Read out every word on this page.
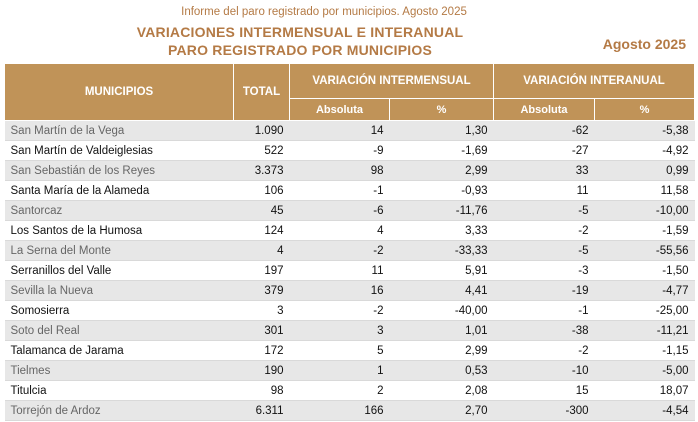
Informe del paro registrado por municipios. Agosto 2025
VARIACIONES INTERMENSUAL E INTERANUAL
PARO REGISTRADO POR MUNICIPIOS	Agosto 2025
MUNICIPIOS	TOTAL	VARIACIÓN INTERMENSUAL		VARIACIÓN INTERANUAL	
		Absoluta	%	Absoluta	%
San Martín de la Vega	1.090	14	1,30	-62	-5,38
San Martín de Valdeiglesias	522	-9	-1,69	-27	-4,92
San Sebastián de los Reyes	3.373	98	2,99	33	0,99
Santa María de la Alameda	106	-1	-0,93	11	11,58
Santorcaz	45	-6	-11,76	-5	-10,00
Los Santos de la Humosa	124	4	3,33	-2	-1,59
La Serna del Monte	4	-2	-33,33	-5	-55,56
Serranillos del Valle	197	11	5,91	-3	-1,50
Sevilla la Nueva	379	16	4,41	-19	-4,77
Somosierra	3	-2	-40,00	-1	-25,00
Soto del Real	301	3	1,01	-38	-11,21
Talamanca de Jarama	172	5	2,99	-2	-1,15
Tielmes	190	1	0,53	-10	-5,00
Titulcia	98	2	2,08	15	18,07
Torrejón de Ardoz	6.311	166	2,70	-300	-4,54
